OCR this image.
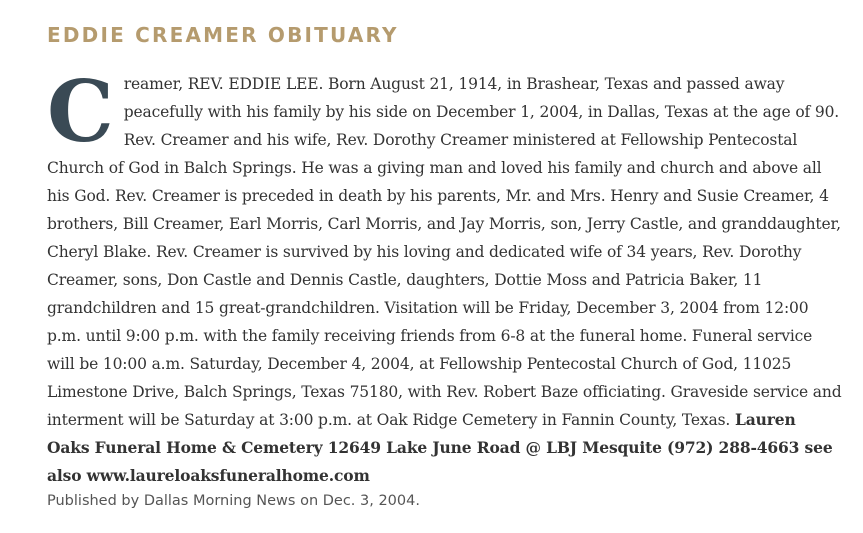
EDDIE CREAMER OBITUARY

Creamer, REV. EDDIE LEE. Born August 21, 1914, in Brashear, Texas and passed away peacefully with his family by his side on December 1, 2004, in Dallas, Texas at the age of 90. Rev. Creamer and his wife, Rev. Dorothy Creamer ministered at Fellowship Pentecostal Church of God in Balch Springs. He was a giving man and loved his family and church and above all his God. Rev. Creamer is preceded in death by his parents, Mr. and Mrs. Henry and Susie Creamer, 4 brothers, Bill Creamer, Earl Morris, Carl Morris, and Jay Morris, son, Jerry Castle, and granddaughter, Cheryl Blake. Rev. Creamer is survived by his loving and dedicated wife of 34 years, Rev. Dorothy Creamer, sons, Don Castle and Dennis Castle, daughters, Dottie Moss and Patricia Baker, 11 grandchildren and 15 great-grandchildren. Visitation will be Friday, December 3, 2004 from 12:00 p.m. until 9:00 p.m. with the family receiving friends from 6-8 at the funeral home. Funeral service will be 10:00 a.m. Saturday, December 4, 2004, at Fellowship Pentecostal Church of God, 11025 Limestone Drive, Balch Springs, Texas 75180, with Rev. Robert Baze officiating. Graveside service and interment will be Saturday at 3:00 p.m. at Oak Ridge Cemetery in Fannin County, Texas. Lauren Oaks Funeral Home & Cemetery 12649 Lake June Road @ LBJ Mesquite (972) 288-4663 see also www.laureloaksfuneralhome.com

Published by Dallas Morning News on Dec. 3, 2004.
